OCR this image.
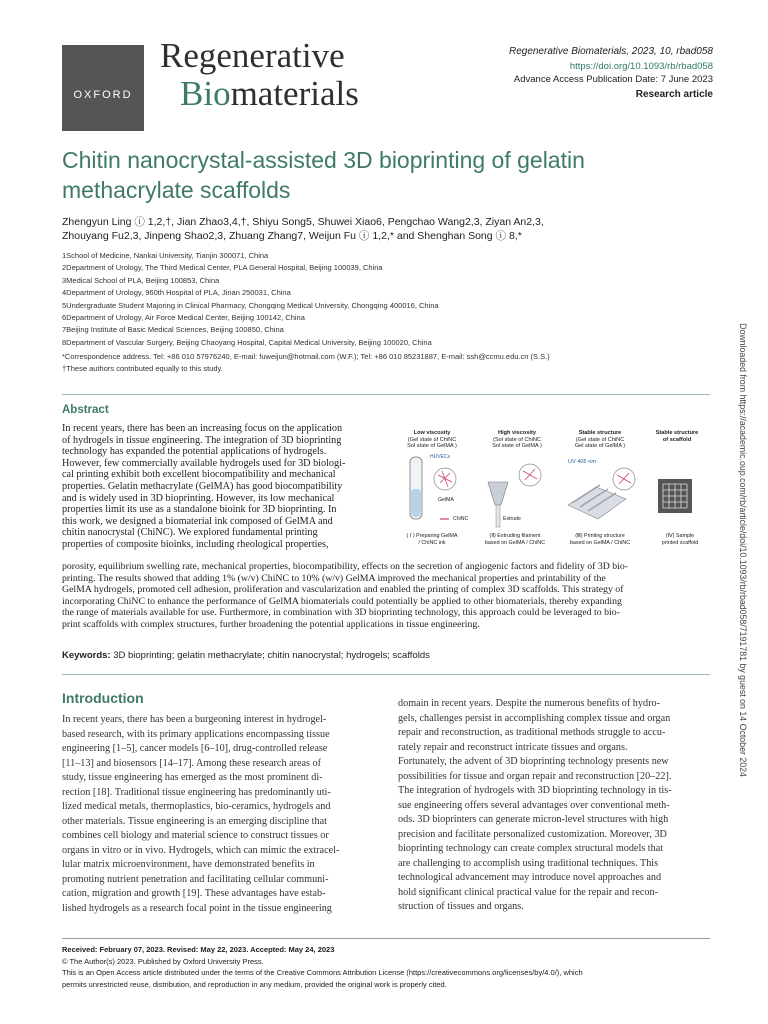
OXFORD
Regenerative
Biomaterials
Regenerative Biomaterials, 2023, 10, rbad058
https://doi.org/10.1093/rb/rbad058
Advance Access Publication Date: 7 June 2023
Research article
Chitin nanocrystal-assisted 3D bioprinting of gelatin methacrylate scaffolds
Zhengyun Ling ⓘ 1,2,†, Jian Zhao3,4,†, Shiyu Song5, Shuwei Xiao6, Pengchao Wang2,3, Ziyan An2,3,
Zhouyang Fu2,3, Jinpeng Shao2,3, Zhuang Zhang7, Weijun Fu ⓘ 1,2,* and Shenghan Song ⓘ 8,*
1School of Medicine, Nankai University, Tianjin 300071, China
2Department of Urology, The Third Medical Center, PLA General Hospital, Beijing 100039, China
3Medical School of PLA, Beijing 100853, China
4Department of Urology, 960th Hospital of PLA, Jinan 250031, China
5Undergraduate Student Majoring in Clinical Pharmacy, Chongqing Medical University, Chongqing 400016, China
6Department of Urology, Air Force Medical Center, Beijing 100142, China
7Beijing Institute of Basic Medical Sciences, Beijing 100850, China
8Department of Vascular Surgery, Beijing Chaoyang Hospital, Capital Medical University, Beijing 100020, China
*Correspondence address. Tel: +86 010 57976240, E-mail: fuweijun@hotmail.com (W.F.); Tel: +86 010 85231887, E-mail: ssh@ccmu.edu.cn (S.S.)
†These authors contributed equally to this study.
Abstract
In recent years, there has been an increasing focus on the application
of hydrogels in tissue engineering. The integration of 3D bioprinting
technology has expanded the potential applications of hydrogels.
However, few commercially available hydrogels used for 3D biologi-
cal printing exhibit both excellent biocompatibility and mechanical
properties. Gelatin methacrylate (GelMA) has good biocompatibility
and is widely used in 3D bioprinting. However, its low mechanical
properties limit its use as a standalone bioink for 3D bioprinting. In
this work, we designed a biomaterial ink composed of GelMA and
chitin nanocrystal (ChiNC). We explored fundamental printing
properties of composite bioinks, including rheological properties,
porosity, equilibrium swelling rate, mechanical properties, biocompatibility, effects on the secretion of angiogenic factors and fidelity of 3D bio-
printing. The results showed that adding 1% (w/v) ChiNC to 10% (w/v) GelMA improved the mechanical properties and printability of the
GelMA hydrogels, promoted cell adhesion, proliferation and vascularization and enabled the printing of complex 3D scaffolds. This strategy of
incorporating ChiNC to enhance the performance of GelMA biomaterials could potentially be applied to other biomaterials, thereby expanding
the range of materials available for use. Furthermore, in combination with 3D bioprinting technology, this approach could be leveraged to bio-
print scaffolds with complex structures, further broadening the potential applications in tissue engineering.
Low viscosity
(Gel state of ChiNC
Sol state of GelMA )
High viscosity
(Sol state of ChiNC
Sol state of GelMA )
Stable structure
(Gel state of ChiNC
Gel state of GelMA )
Stable structure
of scaffold
HUVECs
GelMA
ChiNC	Extrude
UV 405 nm
( Ⅰ ) Preparing GelMA
/ ChiNC ink
(Ⅱ) Extruding filament
based on GelMA / ChiNC
(Ⅲ) Printing structure
based on GelMA / ChiNC
(Ⅳ) Sample
printed scaffold
Keywords: 3D bioprinting; gelatin methacrylate; chitin nanocrystal; hydrogels; scaffolds
Introduction
In recent years, there has been a burgeoning interest in hydrogel-
based research, with its primary applications encompassing tissue
engineering [1–5], cancer models [6–10], drug-controlled release
[11–13] and biosensors [14–17]. Among these research areas of
study, tissue engineering has emerged as the most prominent di-
rection [18]. Traditional tissue engineering has predominantly uti-
lized medical metals, thermoplastics, bio-ceramics, hydrogels and
other materials. Tissue engineering is an emerging discipline that
combines cell biology and material science to construct tissues or
organs in vitro or in vivo. Hydrogels, which can mimic the extracel-
lular matrix microenvironment, have demonstrated benefits in
promoting nutrient penetration and facilitating cellular communi-
cation, migration and growth [19]. These advantages have estab-
lished hydrogels as a research focal point in the tissue engineering
domain in recent years. Despite the numerous benefits of hydro-
gels, challenges persist in accomplishing complex tissue and organ
repair and reconstruction, as traditional methods struggle to accu-
rately repair and reconstruct intricate tissues and organs.
Fortunately, the advent of 3D bioprinting technology presents new
possibilities for tissue and organ repair and reconstruction [20–22].
The integration of hydrogels with 3D bioprinting technology in tis-
sue engineering offers several advantages over conventional meth-
ods. 3D bioprinters can generate micron-level structures with high
precision and facilitate personalized customization. Moreover, 3D
bioprinting technology can create complex structural models that
are challenging to accomplish using traditional techniques. This
technological advancement may introduce novel approaches and
hold significant clinical practical value for the repair and recon-
struction of tissues and organs.
Received: February 07, 2023. Revised: May 22, 2023. Accepted: May 24, 2023
© The Author(s) 2023. Published by Oxford University Press.
This is an Open Access article distributed under the terms of the Creative Commons Attribution License (https://creativecommons.org/licenses/by/4.0/), which
permits unrestricted reuse, distribution, and reproduction in any medium, provided the original work is properly cited.
Downloaded from https://academic.oup.com/rb/article/doi/10.1093/rb/rbad058/7191781 by guest on 14 October 2024
